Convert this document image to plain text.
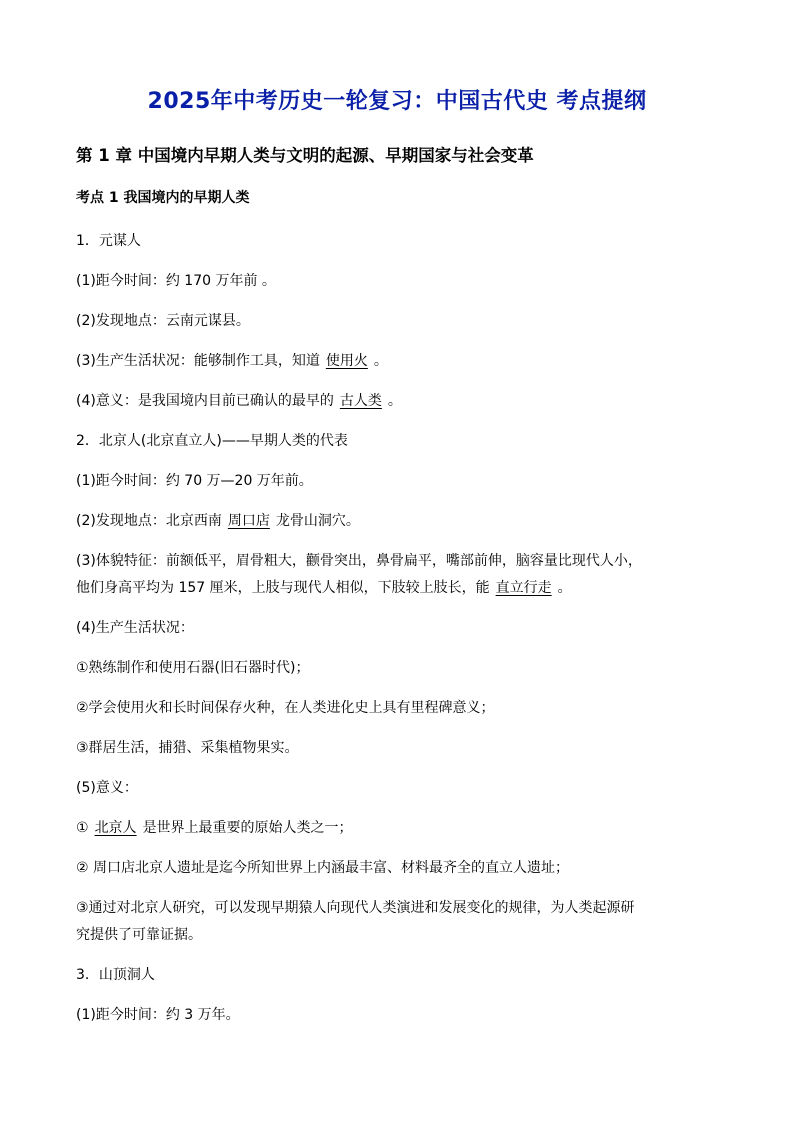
2025年中考历史一轮复习：中国古代史 考点提纲
第 1 章 中国境内早期人类与文明的起源、早期国家与社会变革
考点 1 我国境内的早期人类
1．元谋人
(1)距今时间：约 170 万年前 。
(2)发现地点：云南元谋县。
(3)生产生活状况：能够制作工具，知道 使用火 。
(4)意义：是我国境内目前已确认的最早的 古人类 。
2．北京人(北京直立人)——早期人类的代表
(1)距今时间：约 70 万—20 万年前。
(2)发现地点：北京西南 周口店 龙骨山洞穴。
(3)体貌特征：前额低平，眉骨粗大，颧骨突出，鼻骨扁平，嘴部前伸，脑容量比现代人小，
他们身高平均为 157 厘米，上肢与现代人相似，下肢较上肢长，能 直立行走 。
(4)生产生活状况：
①熟练制作和使用石器(旧石器时代)；
②学会使用火和长时间保存火种，在人类进化史上具有里程碑意义；
③群居生活，捕猎、采集植物果实。
(5)意义：
① 北京人 是世界上最重要的原始人类之一；
② 周口店北京人遗址是迄今所知世界上内涵最丰富、材料最齐全的直立人遗址；
③通过对北京人研究，可以发现早期猿人向现代人类演进和发展变化的规律，为人类起源研
究提供了可靠证据。
3．山顶洞人
(1)距今时间：约 3 万年。
